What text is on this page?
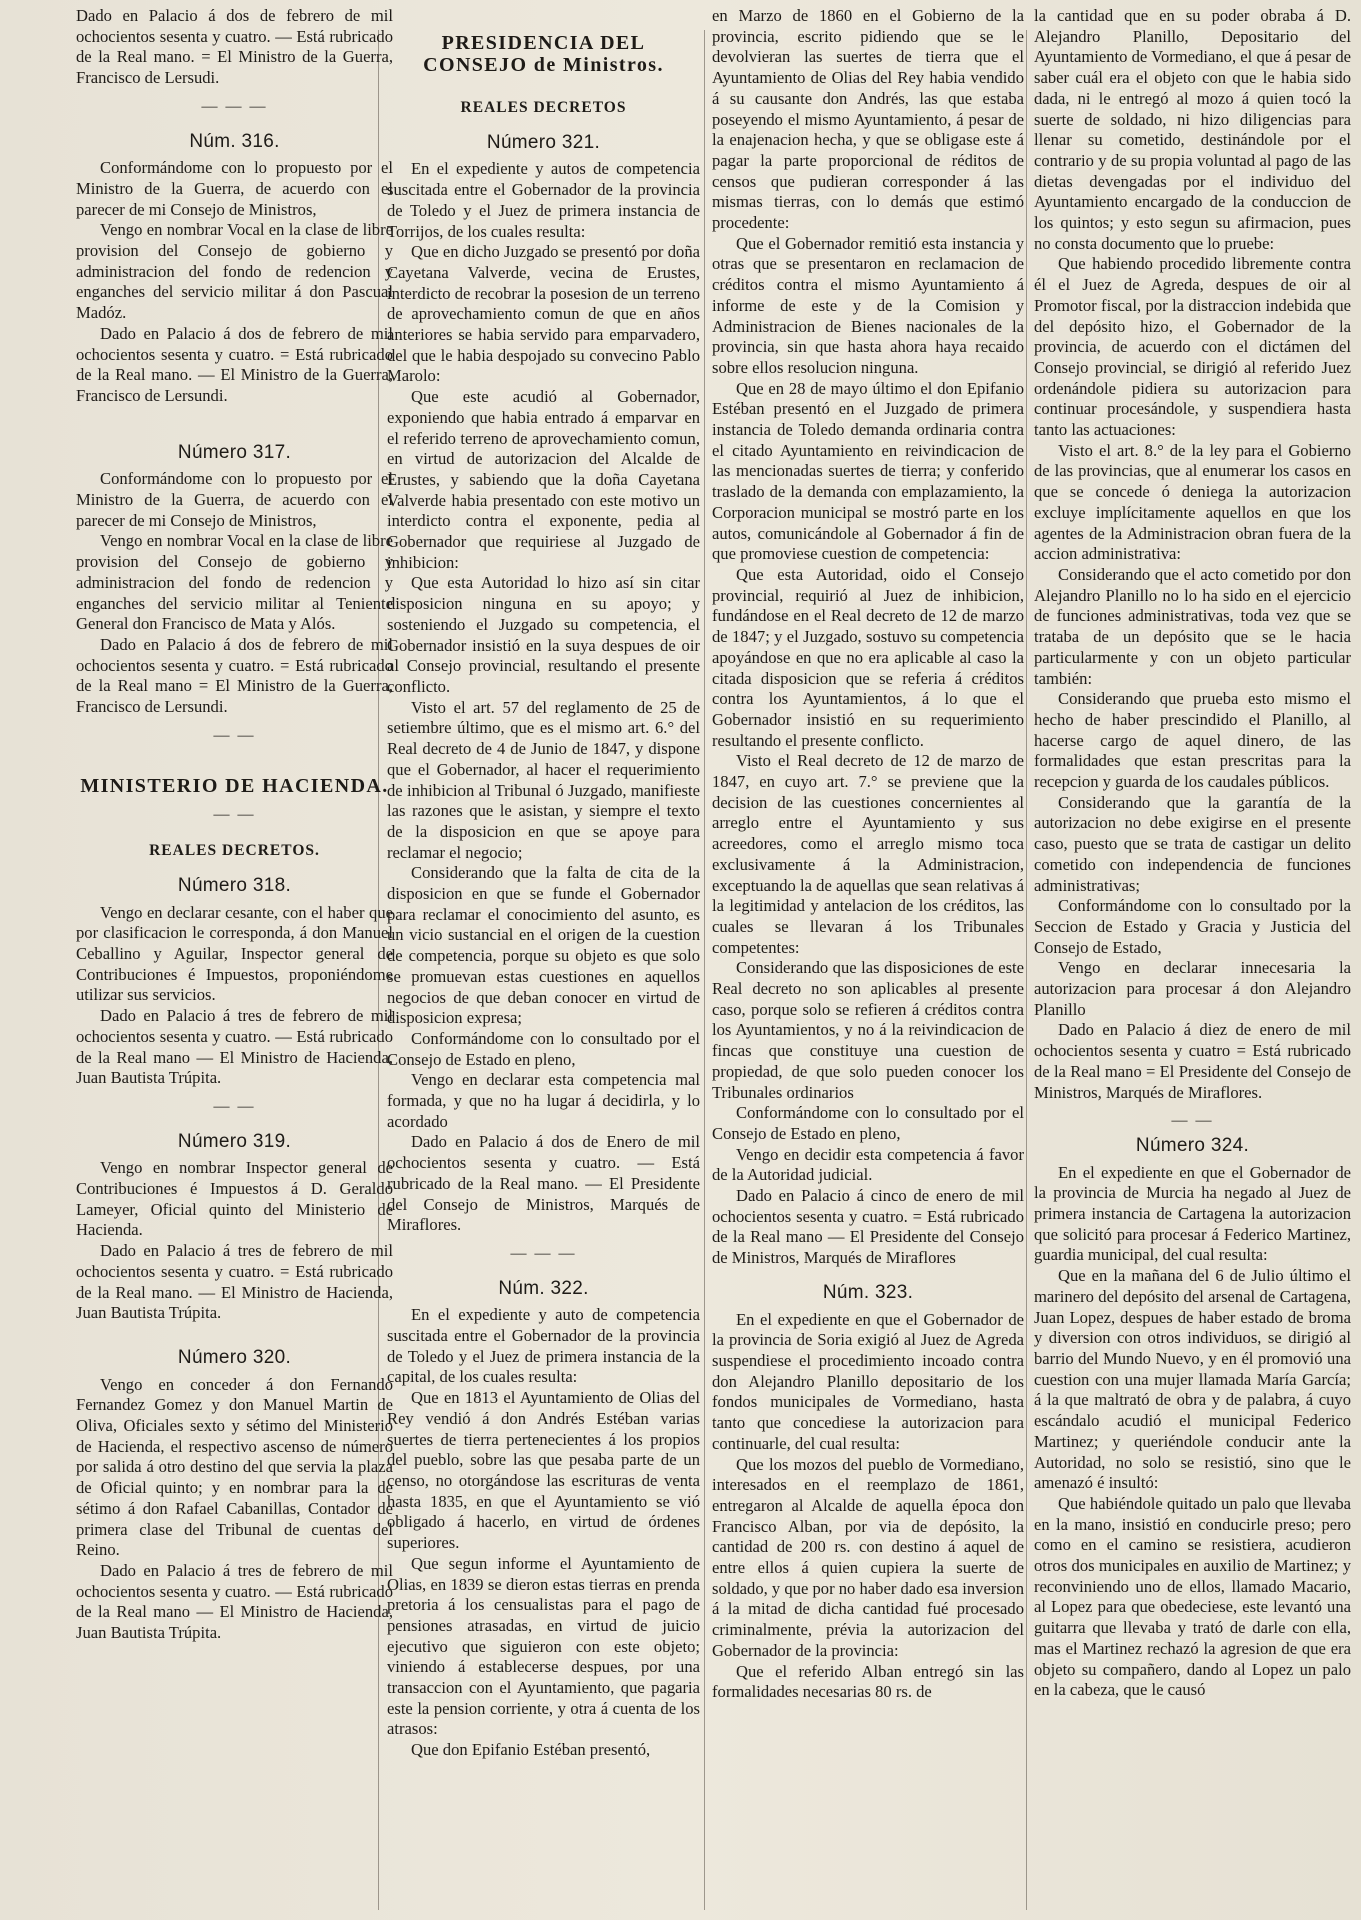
Dado en Palacio á dos de febrero de mil ochocientos sesenta y cuatro. — Está rubricado de la Real mano. = El Ministro de la Guerra, Francisco de Lersudi.

— — —
Núm. 316.

Conformándome con lo propuesto por el Ministro de la Guerra, de acuerdo con el parecer de mi Consejo de Ministros,

Vengo en nombrar Vocal en la clase de libre provision del Consejo de gobierno y administracion del fondo de redencion y enganches del servicio militar á don Pascual Madóz.

Dado en Palacio á dos de febrero de mil ochocientos sesenta y cuatro. = Está rubricado de la Real mano. — El Ministro de la Guerra, Francisco de Lersundi.

Número 317.

Conformándome con lo propuesto por el Ministro de la Guerra, de acuerdo con el parecer de mi Consejo de Ministros,

Vengo en nombrar Vocal en la clase de libre provision del Consejo de gobierno y administracion del fondo de redencion y enganches del servicio militar al Teniente General don Francisco de Mata y Alós.

Dado en Palacio á dos de febrero de mil ochocientos sesenta y cuatro. = Está rubricado de la Real mano = El Ministro de la Guerra, Francisco de Lersundi.

— —
MINISTERIO DE HACIENDA.
— —
REALES DECRETOS.
Número 318.

Vengo en declarar cesante, con el haber que por clasificacion le corresponda, á don Manuel Ceballino y Aguilar, Inspector general de Contribuciones é Impuestos, proponiéndome utilizar sus servicios.

Dado en Palacio á tres de febrero de mil ochocientos sesenta y cuatro. — Está rubricado de la Real mano — El Ministro de Hacienda, Juan Bautista Trúpita.

— —
Número 319.

Vengo en nombrar Inspector general de Contribuciones é Impuestos á D. Geraldo Lameyer, Oficial quinto del Ministerio de Hacienda.

Dado en Palacio á tres de febrero de mil ochocientos sesenta y cuatro. = Está rubricado de la Real mano. — El Ministro de Hacienda, Juan Bautista Trúpita.

Número 320.

Vengo en conceder á don Fernando Fernandez Gomez y don Manuel Martin de Oliva, Oficiales sexto y sétimo del Ministerio de Hacienda, el respectivo ascenso de número por salida á otro destino del que servia la plaza de Oficial quinto; y en nombrar para la de sétimo á don Rafael Cabanillas, Contador de primera clase del Tribunal de cuentas del Reino.

Dado en Palacio á tres de febrero de mil ochocientos sesenta y cuatro. — Está rubricado de la Real mano — El Ministro de Hacienda, Juan Bautista Trúpita.

PRESIDENCIA DEL CONSEJO de Ministros.
REALES DECRETOS
Número 321.

En el expediente y autos de competencia suscitada entre el Gobernador de la provincia de Toledo y el Juez de primera instancia de Torrijos, de los cuales resulta:

Que en dicho Juzgado se presentó por doña Cayetana Valverde, vecina de Erustes, interdicto de recobrar la posesion de un terreno de aprovechamiento comun de que en años anteriores se habia servido para emparvadero, del que le habia despojado su convecino Pablo Marolo:

Que este acudió al Gobernador, exponiendo que habia entrado á emparvar en el referido terreno de aprovechamiento comun, en virtud de autorizacion del Alcalde de Erustes, y sabiendo que la doña Cayetana Valverde habia presentado con este motivo un interdicto contra el exponente, pedia al Gobernador que requiriese al Juzgado de inhibicion:

Que esta Autoridad lo hizo así sin citar disposicion ninguna en su apoyo; y sosteniendo el Juzgado su competencia, el Gobernador insistió en la suya despues de oir al Consejo provincial, resultando el presente conflicto.

Visto el art. 57 del reglamento de 25 de setiembre último, que es el mismo art. 6.° del Real decreto de 4 de Junio de 1847, y dispone que el Gobernador, al hacer el requerimiento de inhibicion al Tribunal ó Juzgado, manifieste las razones que le asistan, y siempre el texto de la disposicion en que se apoye para reclamar el negocio;

Considerando que la falta de cita de la disposicion en que se funde el Gobernador para reclamar el conocimiento del asunto, es un vicio sustancial en el origen de la cuestion de competencia, porque su objeto es que solo se promuevan estas cuestiones en aquellos negocios de que deban conocer en virtud de disposicion expresa;

Conformándome con lo consultado por el Consejo de Estado en pleno,

Vengo en declarar esta competencia mal formada, y que no ha lugar á decidirla, y lo acordado

Dado en Palacio á dos de Enero de mil ochocientos sesenta y cuatro. — Está rubricado de la Real mano. — El Presidente del Consejo de Ministros, Marqués de Miraflores.

— — —
Núm. 322.

En el expediente y auto de competencia suscitada entre el Gobernador de la provincia de Toledo y el Juez de primera instancia de la capital, de los cuales resulta:

Que en 1813 el Ayuntamiento de Olias del Rey vendió á don Andrés Estéban varias suertes de tierra pertenecientes á los propios del pueblo, sobre las que pesaba parte de un censo, no otorgándose las escrituras de venta hasta 1835, en que el Ayuntamiento se vió obligado á hacerlo, en virtud de órdenes superiores.

Que segun informe el Ayuntamiento de Olias, en 1839 se dieron estas tierras en prenda pretoria á los censualistas para el pago de pensiones atrasadas, en virtud de juicio ejecutivo que siguieron con este objeto; viniendo á establecerse despues, por una transaccion con el Ayuntamiento, que pagaria este la pension corriente, y otra á cuenta de los atrasos:

Que don Epifanio Estéban presentó,

en Marzo de 1860 en el Gobierno de la provincia, escrito pidiendo que se le devolvieran las suertes de tierra que el Ayuntamiento de Olias del Rey habia vendido á su causante don Andrés, las que estaba poseyendo el mismo Ayuntamiento, á pesar de la enajenacion hecha, y que se obligase este á pagar la parte proporcional de réditos de censos que pudieran corresponder á las mismas tierras, con lo demás que estimó procedente:

Que el Gobernador remitió esta instancia y otras que se presentaron en reclamacion de créditos contra el mismo Ayuntamiento á informe de este y de la Comision y Administracion de Bienes nacionales de la provincia, sin que hasta ahora haya recaido sobre ellos resolucion ninguna.

Que en 28 de mayo último el don Epifanio Estéban presentó en el Juzgado de primera instancia de Toledo demanda ordinaria contra el citado Ayuntamiento en reivindicacion de las mencionadas suertes de tierra; y conferido traslado de la demanda con emplazamiento, la Corporacion municipal se mostró parte en los autos, comunicándole al Gobernador á fin de que promoviese cuestion de competencia:

Que esta Autoridad, oido el Consejo provincial, requirió al Juez de inhibicion, fundándose en el Real decreto de 12 de marzo de 1847; y el Juzgado, sostuvo su competencia apoyándose en que no era aplicable al caso la citada disposicion que se referia á créditos contra los Ayuntamientos, á lo que el Gobernador insistió en su requerimiento resultando el presente conflicto.

Visto el Real decreto de 12 de marzo de 1847, en cuyo art. 7.° se previene que la decision de las cuestiones concernientes al arreglo entre el Ayuntamiento y sus acreedores, como el arreglo mismo toca exclusivamente á la Administracion, exceptuando la de aquellas que sean relativas á la legitimidad y antelacion de los créditos, las cuales se llevaran á los Tribunales competentes:

Considerando que las disposiciones de este Real decreto no son aplicables al presente caso, porque solo se refieren á créditos contra los Ayuntamientos, y no á la reivindicacion de fincas que constituye una cuestion de propiedad, de que solo pueden conocer los Tribunales ordinarios

Conformándome con lo consultado por el Consejo de Estado en pleno,

Vengo en decidir esta competencia á favor de la Autoridad judicial.

Dado en Palacio á cinco de enero de mil ochocientos sesenta y cuatro. = Está rubricado de la Real mano — El Presidente del Consejo de Ministros, Marqués de Miraflores

Núm. 323.

En el expediente en que el Gobernador de la provincia de Soria exigió al Juez de Agreda suspendiese el procedimiento incoado contra don Alejandro Planillo depositario de los fondos municipales de Vormediano, hasta tanto que concediese la autorizacion para continuarle, del cual resulta:

Que los mozos del pueblo de Vormediano, interesados en el reemplazo de 1861, entregaron al Alcalde de aquella época don Francisco Alban, por via de depósito, la cantidad de 200 rs. con destino á aquel de entre ellos á quien cupiera la suerte de soldado, y que por no haber dado esa inversion á la mitad de dicha cantidad fué procesado criminalmente, prévia la autorizacion del Gobernador de la provincia:

Que el referido Alban entregó sin las formalidades necesarias 80 rs. de

la cantidad que en su poder obraba á D. Alejandro Planillo, Depositario del Ayuntamiento de Vormediano, el que á pesar de saber cuál era el objeto con que le habia sido dada, ni le entregó al mozo á quien tocó la suerte de soldado, ni hizo diligencias para llenar su cometido, destinándole por el contrario y de su propia voluntad al pago de las dietas devengadas por el individuo del Ayuntamiento encargado de la conduccion de los quintos; y esto segun su afirmacion, pues no consta documento que lo pruebe:

Que habiendo procedido libremente contra él el Juez de Agreda, despues de oir al Promotor fiscal, por la distraccion indebida que del depósito hizo, el Gobernador de la provincia, de acuerdo con el dictámen del Consejo provincial, se dirigió al referido Juez ordenándole pidiera su autorizacion para continuar procesándole, y suspendiera hasta tanto las actuaciones:

Visto el art. 8.° de la ley para el Gobierno de las provincias, que al enumerar los casos en que se concede ó deniega la autorizacion excluye implícitamente aquellos en que los agentes de la Administracion obran fuera de la accion administrativa:

Considerando que el acto cometido por don Alejandro Planillo no lo ha sido en el ejercicio de funciones administrativas, toda vez que se trataba de un depósito que se le hacia particularmente y con un objeto particular también:

Considerando que prueba esto mismo el hecho de haber prescindido el Planillo, al hacerse cargo de aquel dinero, de las formalidades que estan prescritas para la recepcion y guarda de los caudales públicos.

Considerando que la garantía de la autorizacion no debe exigirse en el presente caso, puesto que se trata de castigar un delito cometido con independencia de funciones administrativas;

Conformándome con lo consultado por la Seccion de Estado y Gracia y Justicia del Consejo de Estado,

Vengo en declarar innecesaria la autorizacion para procesar á don Alejandro Planillo

Dado en Palacio á diez de enero de mil ochocientos sesenta y cuatro = Está rubricado de la Real mano = El Presidente del Consejo de Ministros, Marqués de Miraflores.

— —
Número 324.

En el expediente en que el Gobernador de la provincia de Murcia ha negado al Juez de primera instancia de Cartagena la autorizacion que solicitó para procesar á Federico Martinez, guardia municipal, del cual resulta:

Que en la mañana del 6 de Julio último el marinero del depósito del arsenal de Cartagena, Juan Lopez, despues de haber estado de broma y diversion con otros individuos, se dirigió al barrio del Mundo Nuevo, y en él promovió una cuestion con una mujer llamada María García; á la que maltrató de obra y de palabra, á cuyo escándalo acudió el municipal Federico Martinez; y queriéndole conducir ante la Autoridad, no solo se resistió, sino que le amenazó é insultó:

Que habiéndole quitado un palo que llevaba en la mano, insistió en conducirle preso; pero como en el camino se resistiera, acudieron otros dos municipales en auxilio de Martinez; y reconviniendo uno de ellos, llamado Macario, al Lopez para que obedeciese, este levantó una guitarra que llevaba y trató de darle con ella, mas el Martinez rechazó la agresion de que era objeto su compañero, dando al Lopez un palo en la cabeza, que le causó
